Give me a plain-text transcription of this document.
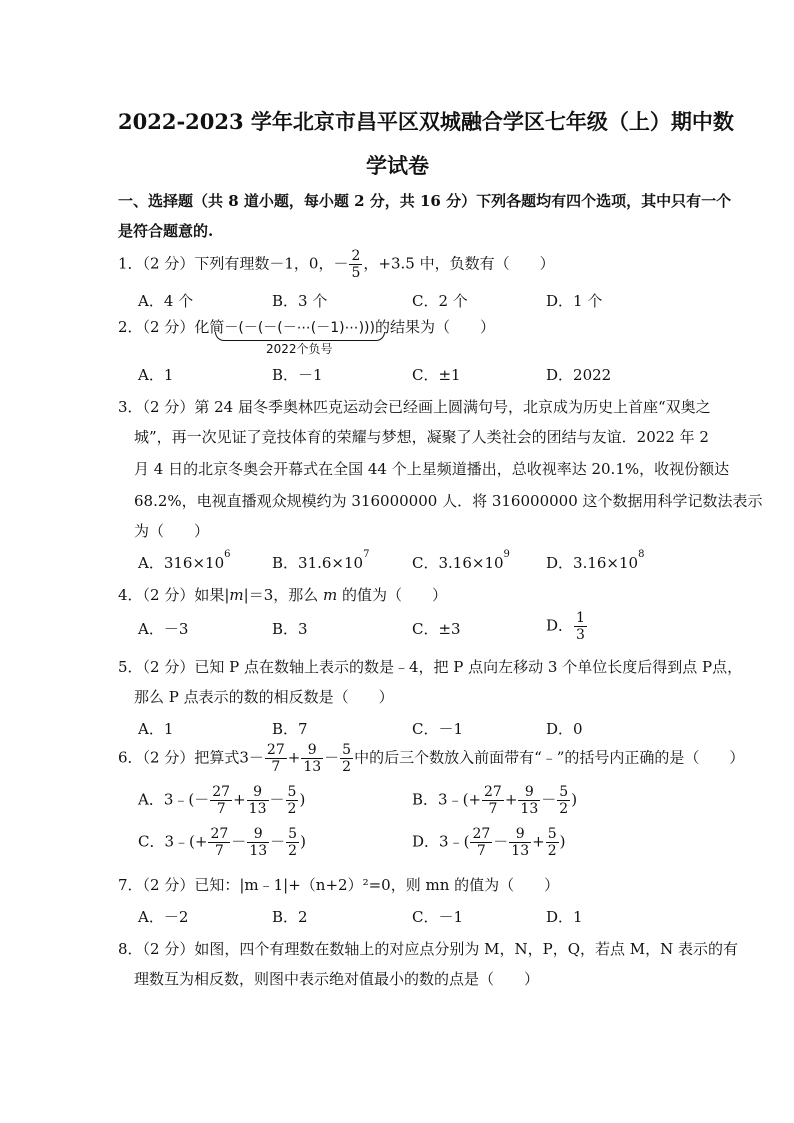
2022-2023 学年北京市昌平区双城融合学区七年级（上）期中数
学试卷
一、选择题（共 8 道小题，每小题 2 分，共 16 分）下列各题均有四个选项，其中只有一个
是符合题意的.
1．（2 分）下列有理数－1，0，－ $\frac{2}{5}$ ，+3.5 中，负数有（　　）
A．4 个	B．3 个	C．2 个	D．1 个
2．（2 分）化简－(－(－(－⋯(－1)⋯)))的结果为（　　）
2022个负号
A．1	B．－1	C．±1	D．2022
3．（2 分）第 24 届冬季奥林匹克运动会已经画上圆满句号，北京成为历史上首座“双奥之
城”，再一次见证了竞技体育的荣耀与梦想，凝聚了人类社会的团结与友谊．2022 年 2
月 4 日的北京冬奥会开幕式在全国 44 个上星频道播出，总收视率达 20.1%，收视份额达
68.2%，电视直播观众规模约为 316000000 人．将 316000000 这个数据用科学记数法表示
为（　　）
A．$316\times 10^6$	B．$31.6\times 10^7$	C．$3.16\times 10^9$ D．$3.16\times 10^8$
4．（2 分）如果|m|＝3，那么 m 的值为（　　）
A．－3	B．3	C．±3	D． $\frac{1}{3}$
5．（2 分）已知 P 点在数轴上表示的数是﹣4，把 P 点向左移动 3 个单位长度后得到点 P点，
那么 P 点表示的数的相反数是（　　）
A．1	B．7	C．－1	D．0
6．（2 分）把算式$3- \frac{27}{7} + \frac{9}{13} - \frac{5}{2}$ 中的后三个数放入前面带有“﹣”的括号内正确的是（　　）
A．3﹣(－ $\frac{27}{7} + \frac{9}{13} - \frac{5}{2}$ )	B．3﹣(+ $\frac{27}{7} + \frac{9}{13} - \frac{5}{2}$ )
C．3﹣(+ $\frac{27}{7} - \frac{9}{13} - \frac{5}{2}$ )	D．3﹣( $\frac{27}{7} - \frac{9}{13} + \frac{5}{2}$ )
7．（2 分）已知：|m﹣1|+（n+2）²=0，则 mn 的值为（　　）
A．－2	B．2	C．－1	D．1
8．（2 分）如图，四个有理数在数轴上的对应点分别为 M，N，P，Q，若点 M，N 表示的有
理数互为相反数，则图中表示绝对值最小的数的点是（　　）
